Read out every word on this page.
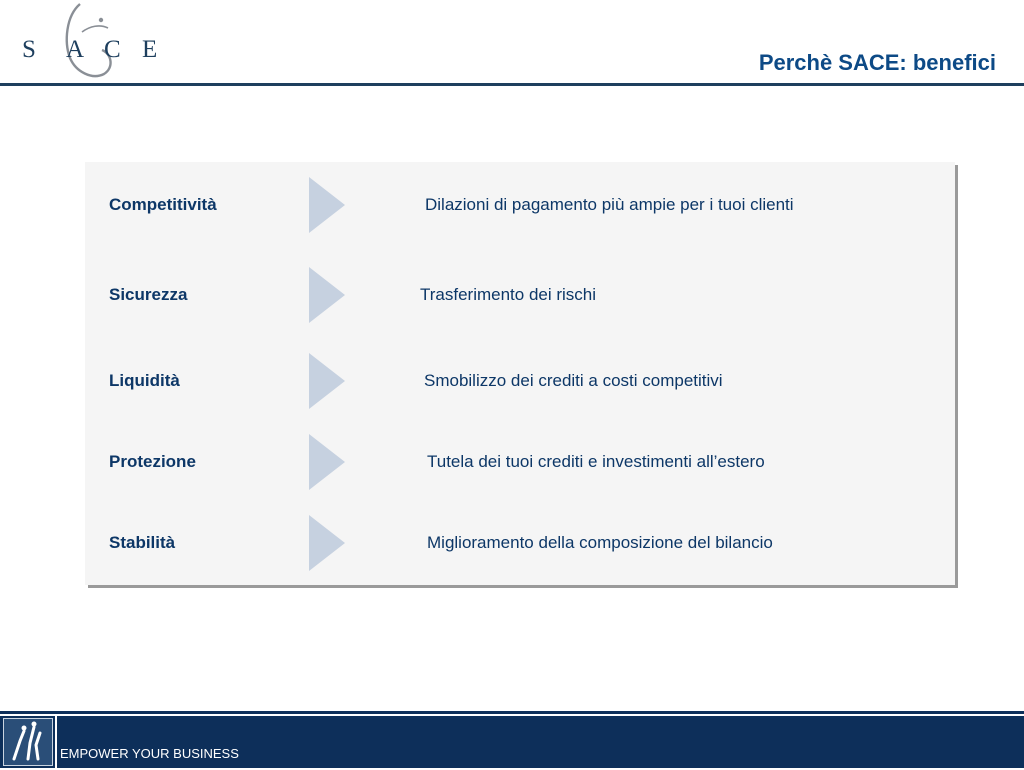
S A C E	Perchè SACE: benefici
Competitività	Dilazioni di pagamento più ampie per i tuoi clienti
Sicurezza	Trasferimento dei rischi
Liquidità	Smobilizzo dei crediti a costi competitivi
Protezione	Tutela dei tuoi crediti e investimenti all’estero
Stabilità	Miglioramento della composizione del bilancio
EMPOWER YOUR BUSINESS
